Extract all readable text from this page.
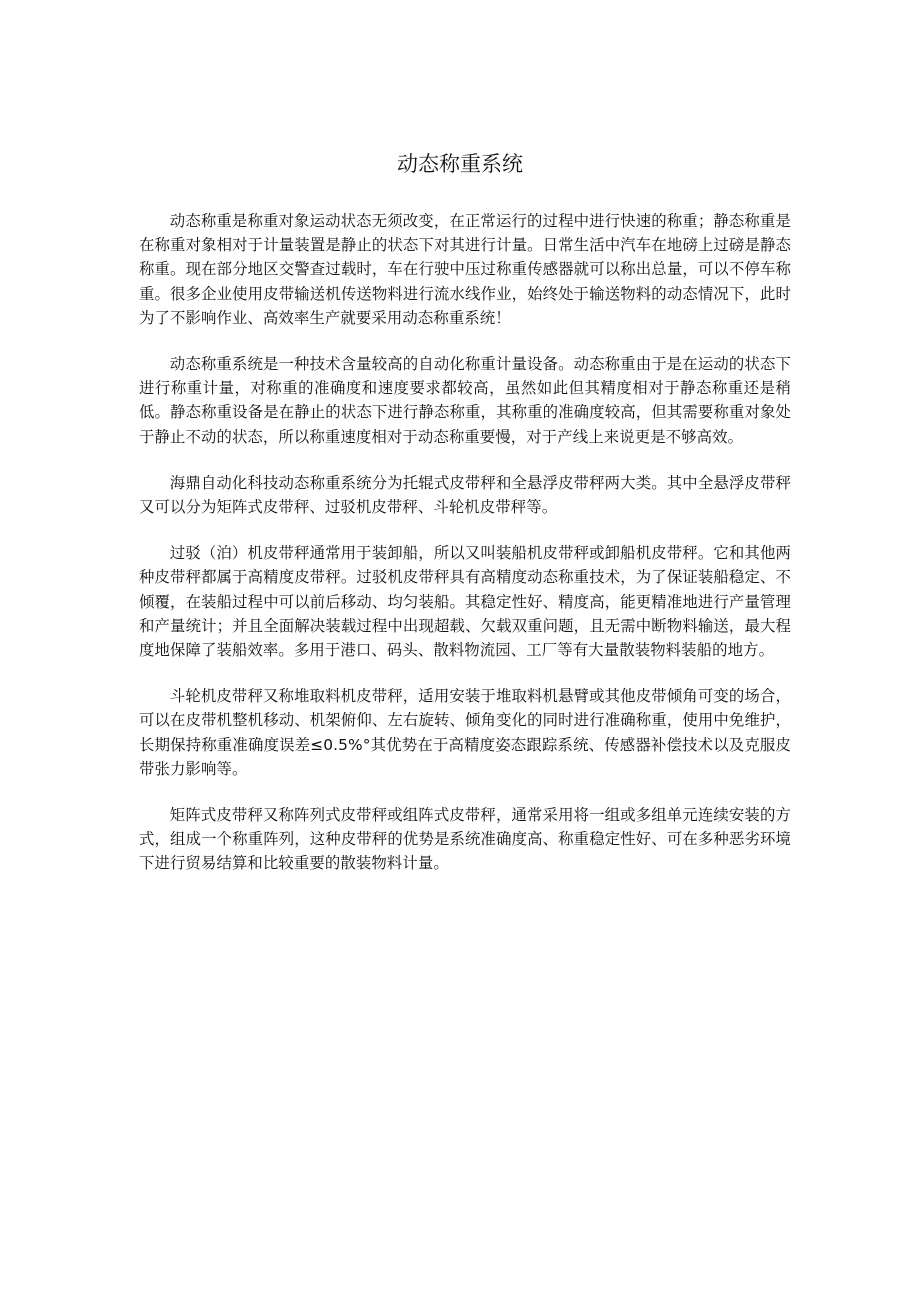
动态称重系统

动态称重是称重对象运动状态无须改变，在正常运行的过程中进行快速的称重；静态称重是在称重对象相对于计量装置是静止的状态下对其进行计量。日常生活中汽车在地磅上过磅是静态称重。现在部分地区交警查过载时，车在行驶中压过称重传感器就可以称出总量，可以不停车称重。很多企业使用皮带输送机传送物料进行流水线作业，始终处于输送物料的动态情况下，此时为了不影响作业、高效率生产就要采用动态称重系统！

动态称重系统是一种技术含量较高的自动化称重计量设备。动态称重由于是在运动的状态下进行称重计量，对称重的准确度和速度要求都较高，虽然如此但其精度相对于静态称重还是稍低。静态称重设备是在静止的状态下进行静态称重，其称重的准确度较高，但其需要称重对象处于静止不动的状态，所以称重速度相对于动态称重要慢，对于产线上来说更是不够高效。

海鼎自动化科技动态称重系统分为托辊式皮带秤和全悬浮皮带秤两大类。其中全悬浮皮带秤又可以分为矩阵式皮带秤、过驳机皮带秤、斗轮机皮带秤等。

过驳（泊）机皮带秤通常用于装卸船，所以又叫装船机皮带秤或卸船机皮带秤。它和其他两种皮带秤都属于高精度皮带秤。过驳机皮带秤具有高精度动态称重技术，为了保证装船稳定、不倾覆，在装船过程中可以前后移动、均匀装船。其稳定性好、精度高，能更精准地进行产量管理和产量统计；并且全面解决装载过程中出现超载、欠载双重问题，且无需中断物料输送，最大程度地保障了装船效率。多用于港口、码头、散料物流园、工厂等有大量散装物料装船的地方。

斗轮机皮带秤又称堆取料机皮带秤，适用安装于堆取料机悬臂或其他皮带倾角可变的场合，可以在皮带机整机移动、机架俯仰、左右旋转、倾角变化的同时进行准确称重，使用中免维护，长期保持称重准确度误差≤0.5%°其优势在于高精度姿态跟踪系统、传感器补偿技术以及克服皮带张力影响等。

矩阵式皮带秤又称阵列式皮带秤或组阵式皮带秤，通常采用将一组或多组单元连续安装的方式，组成一个称重阵列，这种皮带秤的优势是系统准确度高、称重稳定性好、可在多种恶劣环境下进行贸易结算和比较重要的散装物料计量。
